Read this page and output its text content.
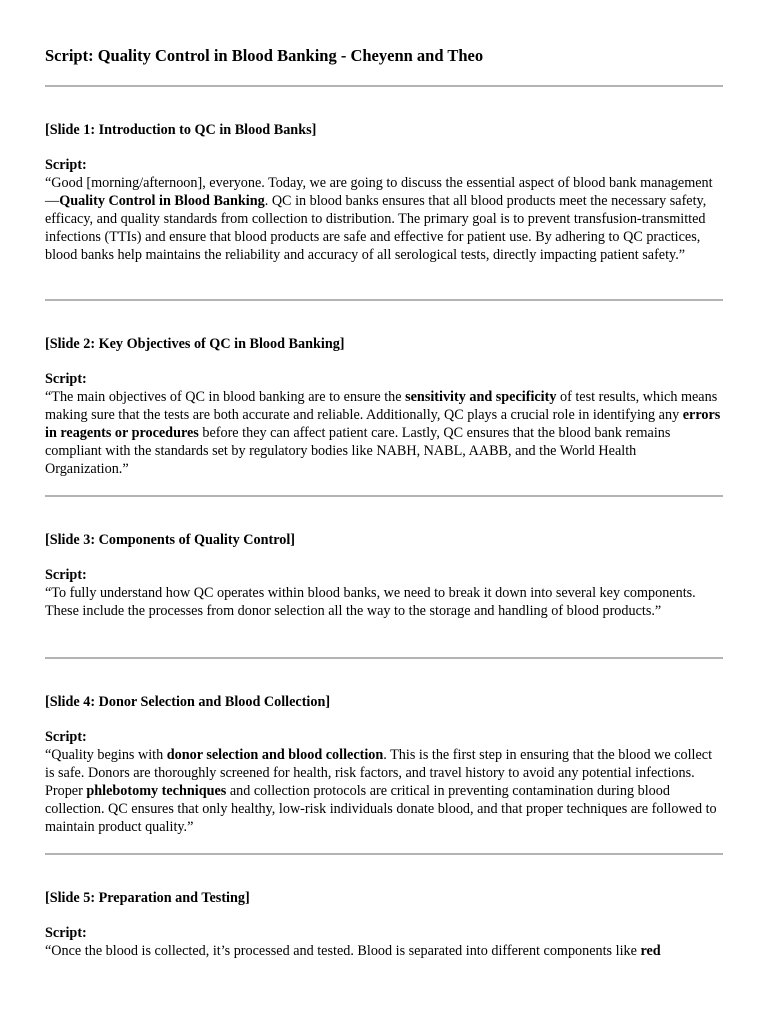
Script: Quality Control in Blood Banking - Cheyenn and Theo

[Slide 1: Introduction to QC in Blood Banks]

Script:

“Good [morning/afternoon], everyone. Today, we are going to discuss the essential aspect of blood bank management—Quality Control in Blood Banking. QC in blood banks ensures that all blood products meet the necessary safety, efficacy, and quality standards from collection to distribution. The primary goal is to prevent transfusion-transmitted infections (TTIs) and ensure that blood products are safe and effective for patient use. By adhering to QC practices, blood banks help maintains the reliability and accuracy of all serological tests, directly impacting patient safety.”

[Slide 2: Key Objectives of QC in Blood Banking]

Script:

“The main objectives of QC in blood banking are to ensure the sensitivity and specificity of test results, which means making sure that the tests are both accurate and reliable. Additionally, QC plays a crucial role in identifying any errors in reagents or procedures before they can affect patient care. Lastly, QC ensures that the blood bank remains compliant with the standards set by regulatory bodies like NABH, NABL, AABB, and the World Health Organization.”

[Slide 3: Components of Quality Control]

Script:

“To fully understand how QC operates within blood banks, we need to break it down into several key components. These include the processes from donor selection all the way to the storage and handling of blood products.”

[Slide 4: Donor Selection and Blood Collection]

Script:

“Quality begins with donor selection and blood collection. This is the first step in ensuring that the blood we collect is safe. Donors are thoroughly screened for health, risk factors, and travel history to avoid any potential infections. Proper phlebotomy techniques and collection protocols are critical in preventing contamination during blood collection. QC ensures that only healthy, low-risk individuals donate blood, and that proper techniques are followed to maintain product quality.”

[Slide 5: Preparation and Testing]

Script:

“Once the blood is collected, it’s processed and tested. Blood is separated into different components like red
